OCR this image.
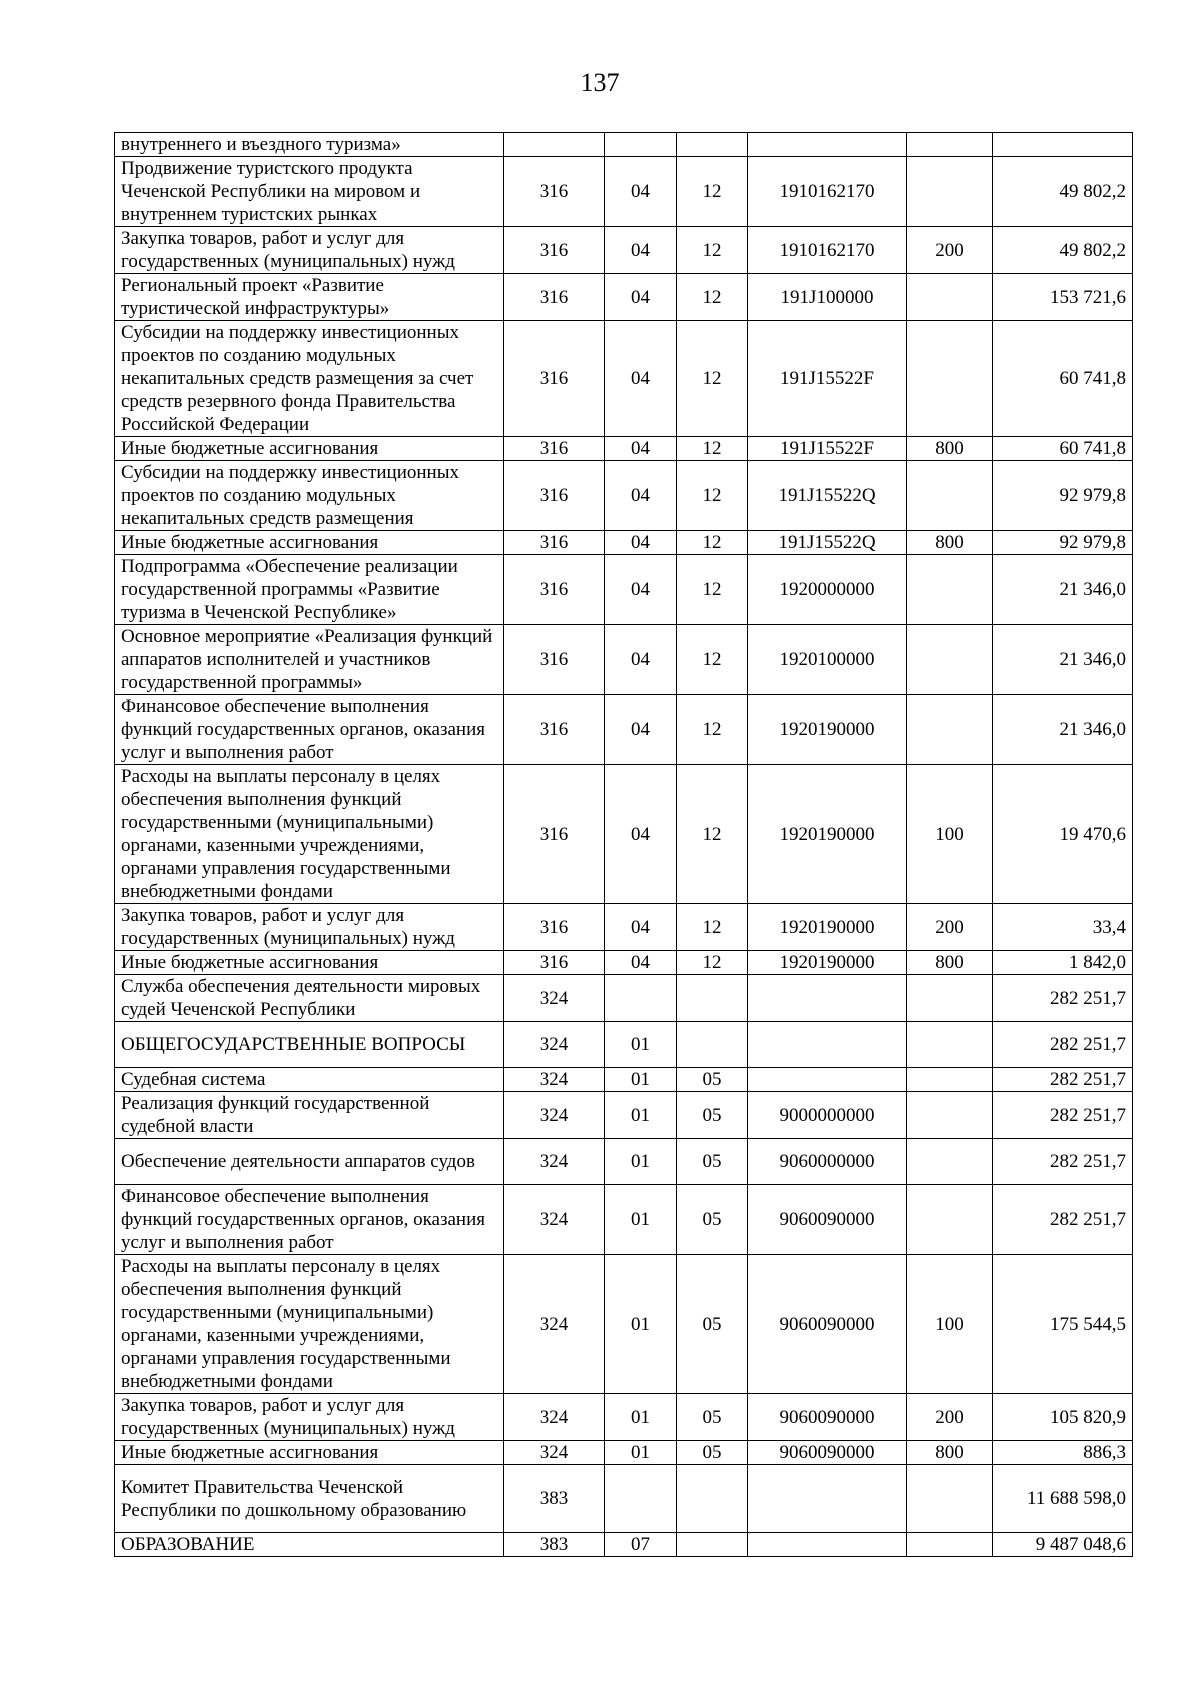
137
внутреннего и въездного туризма»						
Продвижение туристского продукта Чеченской Республики на мировом и внутреннем туристских рынках	316	04	12	1910162170		49 802,2
Закупка товаров, работ и услуг для государственных (муниципальных) нужд	316	04	12	1910162170	200	49 802,2
Региональный проект «Развитие туристической инфраструктуры»	316	04	12	191J100000		153 721,6
Субсидии на поддержку инвестиционных проектов по созданию модульных некапитальных средств размещения за счет средств резервного фонда Правительства Российской Федерации	316	04	12	191J15522F		60 741,8
Иные бюджетные ассигнования	316	04	12	191J15522F	800	60 741,8
Субсидии на поддержку инвестиционных проектов по созданию модульных некапитальных средств размещения	316	04	12	191J15522Q		92 979,8
Иные бюджетные ассигнования	316	04	12	191J15522Q	800	92 979,8
Подпрограмма «Обеспечение реализации государственной программы «Развитие туризма в Чеченской Республике»	316	04	12	1920000000		21 346,0
Основное мероприятие «Реализация функций аппаратов исполнителей и участников государственной программы»	316	04	12	1920100000		21 346,0
Финансовое обеспечение выполнения функций государственных органов, оказания услуг и выполнения работ	316	04	12	1920190000		21 346,0
Расходы на выплаты персоналу в целях обеспечения выполнения функций государственными (муниципальными) органами, казенными учреждениями, органами управления государственными внебюджетными фондами	316	04	12	1920190000	100	19 470,6
Закупка товаров, работ и услуг для государственных (муниципальных) нужд	316	04	12	1920190000	200	33,4
Иные бюджетные ассигнования	316	04	12	1920190000	800	1 842,0
Служба обеспечения деятельности мировых судей Чеченской Республики	324					282 251,7
ОБЩЕГОСУДАРСТВЕННЫЕ ВОПРОСЫ	324	01				282 251,7
Судебная система	324	01	05			282 251,7
Реализация функций государственной судебной власти	324	01	05	9000000000		282 251,7
Обеспечение деятельности аппаратов судов	324	01	05	9060000000		282 251,7
Финансовое обеспечение выполнения функций государственных органов, оказания услуг и выполнения работ	324	01	05	9060090000		282 251,7
Расходы на выплаты персоналу в целях обеспечения выполнения функций государственными (муниципальными) органами, казенными учреждениями, органами управления государственными внебюджетными фондами	324	01	05	9060090000	100	175 544,5
Закупка товаров, работ и услуг для государственных (муниципальных) нужд	324	01	05	9060090000	200	105 820,9
Иные бюджетные ассигнования	324	01	05	9060090000	800	886,3
Комитет Правительства Чеченской Республики по дошкольному образованию	383					11 688 598,0
ОБРАЗОВАНИЕ	383	07				9 487 048,6
